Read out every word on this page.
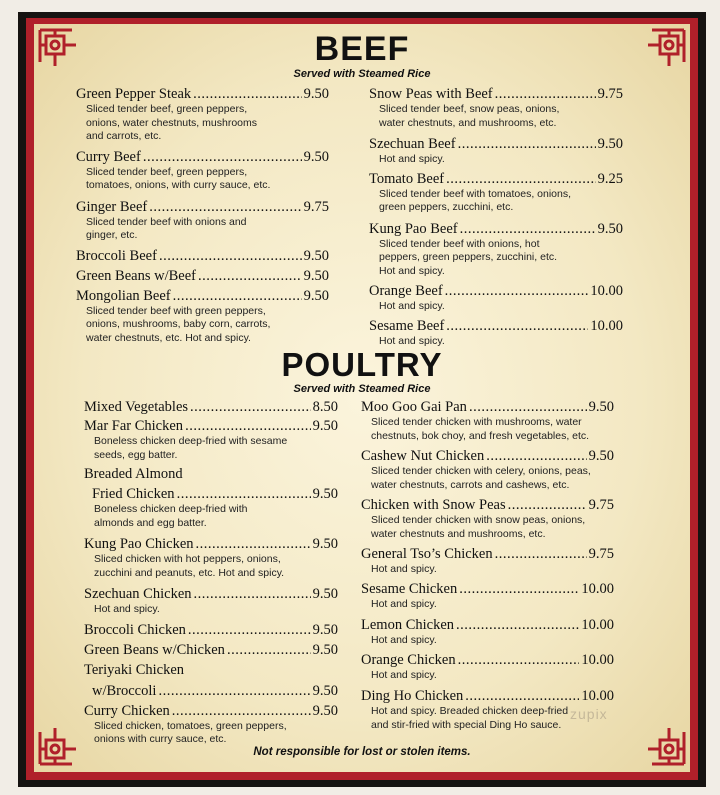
BEEF
Served with Steamed Rice
Green Pepper Steak .....	9.50
Sliced tender beef, green peppers,
onions, water chestnuts, mushrooms
and carrots, etc.
Curry Beef .....	9.50
Sliced tender beef, green peppers,
tomatoes, onions, with curry sauce, etc.
Ginger Beef .....	9.75
Sliced tender beef with onions and
ginger, etc.
Broccoli Beef .....	9.50
Green Beans w/Beef .....	9.50
Mongolian Beef .....	9.50
Sliced tender beef with green peppers,
onions, mushrooms, baby corn, carrots,
water chestnuts, etc. Hot and spicy.
Snow Peas with Beef .....	9.75
Sliced tender beef, snow peas, onions,
water chestnuts, and mushrooms, etc.
Szechuan Beef .....	9.50
Hot and spicy.
Tomato Beef .....	9.25
Sliced tender beef with tomatoes, onions,
green peppers, zucchini, etc.
Kung Pao Beef .....	9.50
Sliced tender beef with onions, hot
peppers, green peppers, zucchini, etc.
Hot and spicy.
Orange Beef .....	10.00
Hot and spicy.
Sesame Beef .....	10.00
Hot and spicy.
POULTRY
Served with Steamed Rice
Mixed Vegetables .....	8.50
Mar Far Chicken .....	9.50
Boneless chicken deep-fried with sesame
seeds, egg batter.
Breaded Almond
Fried Chicken .....	9.50
Boneless chicken deep-fried with
almonds and egg batter.
Kung Pao Chicken .....	9.50
Sliced chicken with hot peppers, onions,
zucchini and peanuts, etc. Hot and spicy.
Szechuan Chicken .....	9.50
Hot and spicy.
Broccoli Chicken .....	9.50
Green Beans w/Chicken .....	9.50
Teriyaki Chicken
w/Broccoli .....	9.50
Curry Chicken .....	9.50
Sliced chicken, tomatoes, green peppers,
onions with curry sauce, etc.
Moo Goo Gai Pan .....	9.50
Sliced tender chicken with mushrooms, water
chestnuts, bok choy, and fresh vegetables, etc.
Cashew Nut Chicken .....	9.50
Sliced tender chicken with celery, onions, peas,
water chestnuts, carrots and cashews, etc.
Chicken with Snow Peas .....	9.75
Sliced tender chicken with snow peas, onions,
water chestnuts and mushrooms, etc.
General Tso’s Chicken .....	9.75
Hot and spicy.
Sesame Chicken .....	10.00
Hot and spicy.
Lemon Chicken .....	10.00
Hot and spicy.
Orange Chicken .....	10.00
Hot and spicy.
Ding Ho Chicken .....	10.00
Hot and spicy. Breaded chicken deep-fried
and stir-fried with special Ding Ho sauce.
zupix
Not responsible for lost or stolen items.
